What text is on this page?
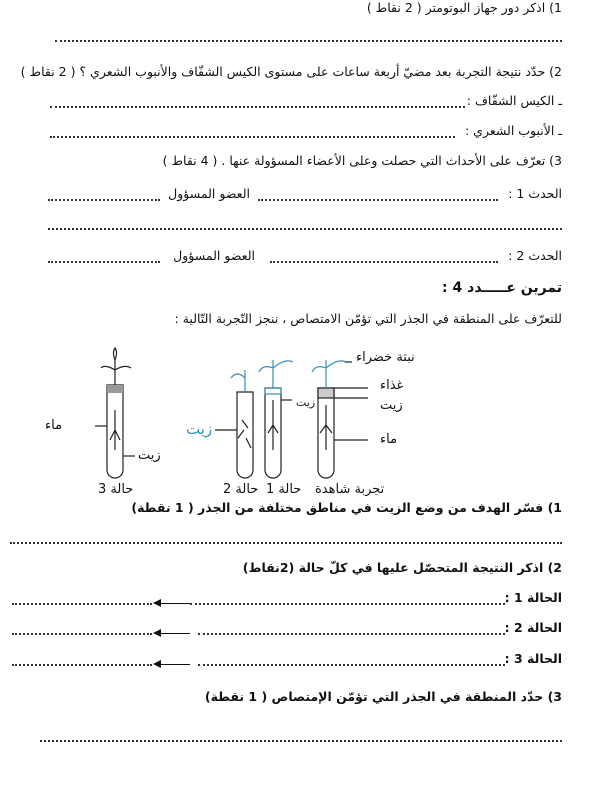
1) اذكر دور جهاز البوتومتر ( 2 نقاط )
2) حدّد نتيجة التجربة بعد مضيّ أربعة ساعات على مستوى الكيس الشفّاف والأنبوب الشعري ؟ ( 2 نقاط )
ـ الكيس الشفّاف :
ـ الأنبوب الشعري :
3) تعرّف على الأحداث التي حصلت وعلى الأعضاء المسؤولة عنها . ( 4 نقاط )
الحدث 1 :
العضو المسؤول
الحدث 2 :
العضو المسؤول
تمرين عـــــدد 4 :
للتعرّف على المنطقة في الجذر التي تؤمّن الامتصاص ، ننجز التّجربة التّالية :
نبتة خضراء
غذاء
زيت
ماء
زيت
زيت
ماء
زيت
حالة 3	حالة 2 حالة 1 تجربة شاهدة
1) فسّر الهدف من وضع الزيت في مناطق مختلفة من الجذر ( 1 نقطة)
2) اذكر النتيجة المتحصّل عليها في كلّ حالة (2نقاط)
الحالة 1 :
الحالة 2 :
الحالة 3 :
3) حدّد المنطقة في الجذر التي تؤمّن الإمتصاص ( 1 نقطة)
